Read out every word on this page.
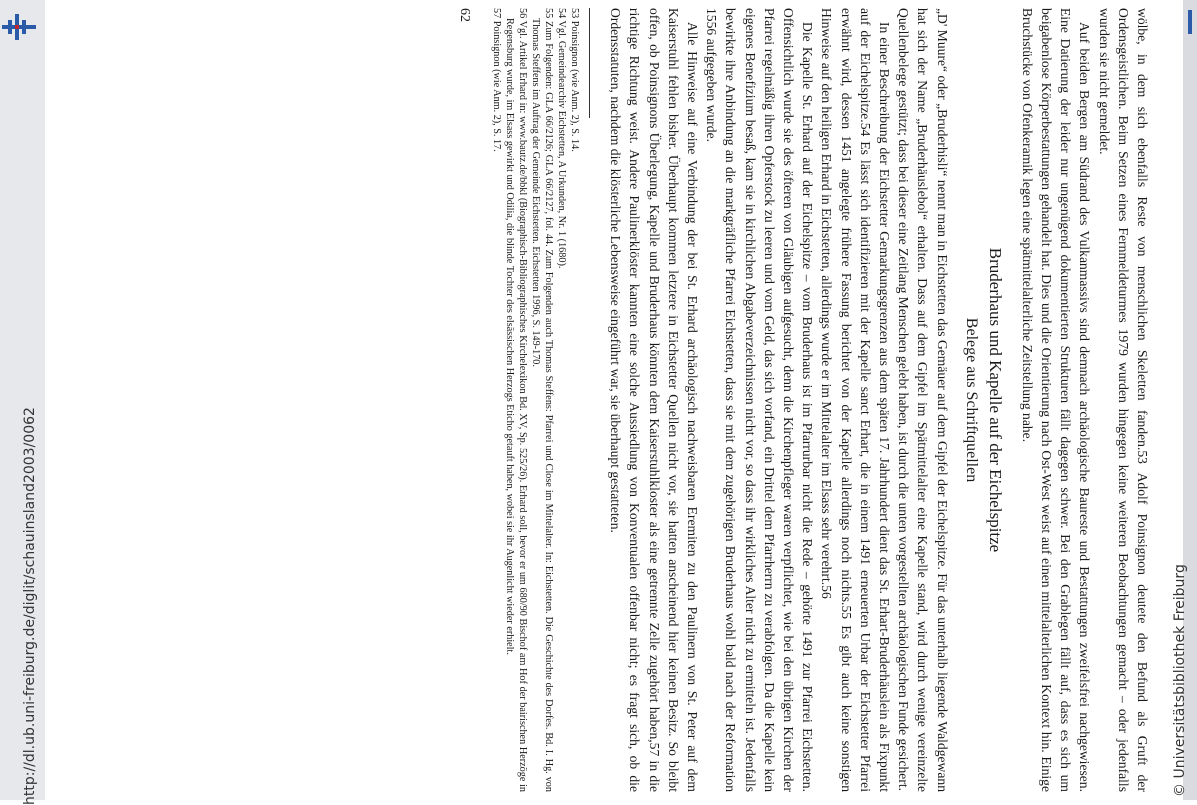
http://dl.ub.uni-freiburg.de/diglit/schauinsland2003/0062	© Universitätsbibliothek Freiburg

wölbe, in dem sich ebenfalls Reste von menschlichen Skeletten fanden.53 Adolf Poinsignon deutete den Befund als Gruft der Ordensgeistlichen. Beim Setzen eines Fernmeldeturmes 1979 wurden hingegen keine weiteren Beobachtungen gemacht – oder jedenfalls wurden sie nicht gemeldet.

Auf beiden Bergen am Südrand des Vulkanmassivs sind demnach archäologische Baureste und Bestattungen zweifelsfrei nachgewiesen. Eine Datierung der leider nur ungenügend dokumentierten Strukturen fällt dagegen schwer. Bei den Grablegen fällt auf, dass es sich um beigabenlose Körperbestattungen gehandelt hat. Dies und die Orientierung nach Ost-West weist auf einen mittelalterlichen Kontext hin. Einige Bruchstücke von Ofenkeramik legen eine spätmittelalterliche Zeitstellung nahe.

Bruderhaus und Kapelle auf der Eichelspitze
Belege aus Schriftquellen

„D' Muure“ oder „Bruderhisli“ nennt man in Eichstetten das Gemäuer auf dem Gipfel der Eichelspitze. Für das unterhalb liegende Waldgewann hat sich der Name „Bruderhäuslebol“ erhalten. Dass auf dem Gipfel im Spätmittelalter eine Kapelle stand, wird durch wenige vereinzelte Quellenbelege gestützt; dass bei dieser eine Zeitlang Menschen gelebt haben, ist durch die unten vorgestellten archäologischen Funde gesichert.

In einer Beschreibung der Eichstetter Gemarkungsgrenzen aus dem späten 17. Jahrhundert dient das St. Erhart-Bruderhäuslein als Fixpunkt auf der Eichelspitze.54 Es lässt sich identifizieren mit der Kapelle sanct Erhart, die in einem 1491 erneuerten Urbar der Eichstetter Pfarrei erwähnt wird, dessen 1451 angelegte frühere Fassung berichtet von der Kapelle allerdings noch nichts.55 Es gibt auch keine sonstigen Hinweise auf den heiligen Erhard in Eichstetten, allerdings wurde er im Mittelalter im Elsass sehr verehrt.56

Die Kapelle St. Erhard auf der Eichelspitze – vom Bruderhaus ist im Pfarrurbar nicht die Rede – gehörte 1491 zur Pfarrei Eichstetten. Offensichtlich wurde sie des öfteren von Gläubigen aufgesucht, denn die Kirchenpfleger waren verpflichtet, wie bei den übrigen Kirchen der Pfarrei regelmäßig ihren Opferstock zu leeren und vom Geld, das sich vorfand, ein Drittel dem Pfarrherrn zu verabfolgen. Da die Kapelle kein eigenes Benefizium besaß, kam sie in kirchlichen Abgabeverzeichnissen nicht vor, so dass ihr wirkliches Alter nicht zu ermitteln ist. Jedenfalls bewirkte ihre Anbindung an die markgräfliche Pfarrei Eichstetten, dass sie mit dem zugehörigen Bruderhaus wohl bald nach der Reformation 1556 aufgegeben wurde.

Alle Hinweise auf eine Verbindung der bei St. Erhard archäologisch nachweisbaren Eremiten zu den Paulinern von St. Peter auf dem Kaiserstuhl fehlen bisher. Überhaupt kommen letztere in Eichstetter Quellen nicht vor, sie hatten anscheinend hier keinen Besitz. So bleibt offen, ob Poinsignons Überlegung, Kapelle und Bruderhaus könnten dem Kaiserstuhlkloster als eine getrennte Zelle zugehört haben,57 in die richtige Richtung weist. Andere Paulinerklöster kannten eine solche Aussiedlung von Konventualen offenbar nicht; es fragt sich, ob die Ordensstatuten, nachdem die klösterliche Lebensweise eingeführt war, sie überhaupt gestatteten.

53 Poinsignon (wie Anm. 2), S. 14.

54 Vgl. Gemeindearchiv Eichstetten, A Urkunden, Nr. 1 (1680).

55 Zum Folgenden: GLA 66/2126; GLA 66/2127, fol. 44. Zum Folgenden auch Thomas Steffens: Pfarrei und Close im Mittelalter. In: Eichstetten. Die Geschichte des Dorfes. Bd. I. Hg. von Thomas Steffens im Auftrag der Gemeinde Eichstetten. Eichstetten 1996, S. 149-170.

56 Vgl. Artikel Erhard in: www.bautz.de/bbkl (Biographisch-Bibliographisches Kirchelexikon Bd. XV, Sp. 525/26). Erhard soll, bevor er um 680/90 Bischof am Hof der bairischen Herzöge in Regensburg wurde, im Elsass gewirkt und Odilia, die blinde Tochter des elsässischen Herzogs Eticho getauft haben, wobei sie ihr Augenlicht wieder erhielt.

57 Poinsignon (wie Anm. 2), S. 17.

62
